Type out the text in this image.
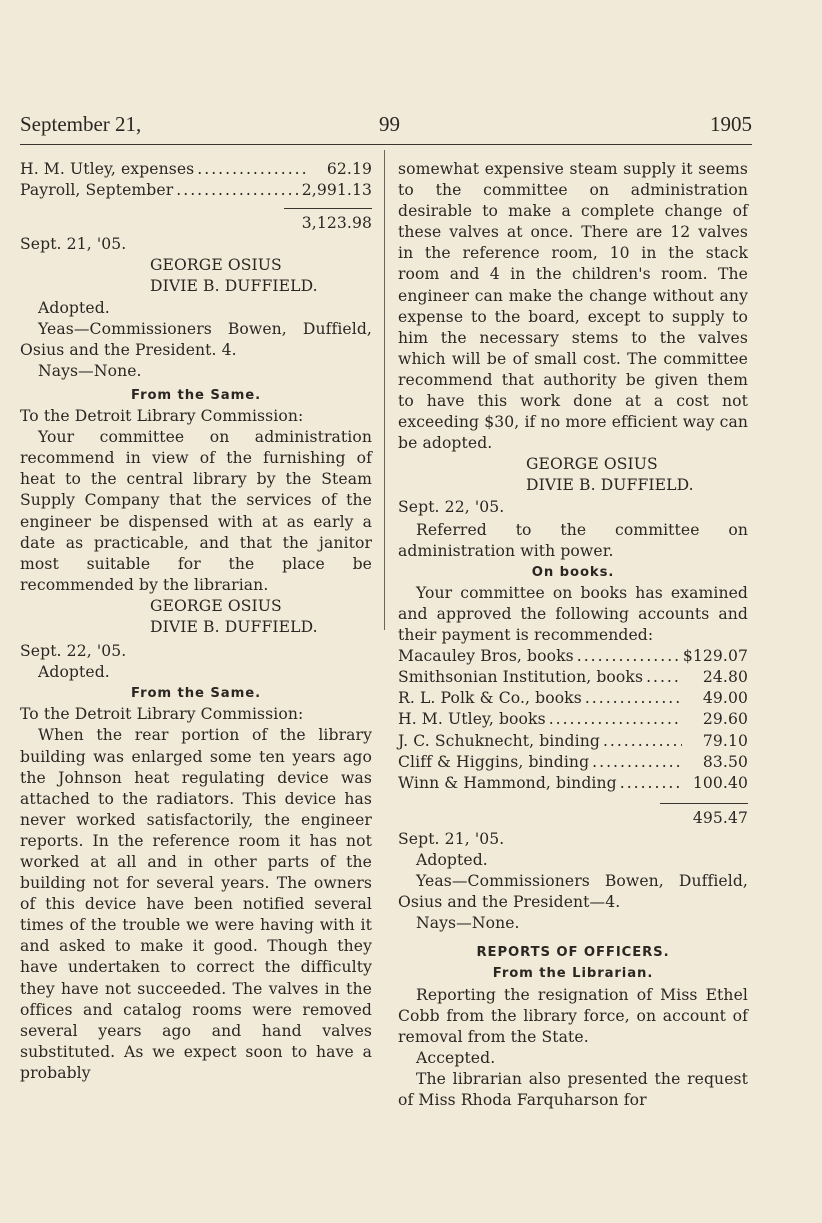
September 21,	99	1905
H. M. Utley, expenses .....	62.19
Payroll, September .....	2,991.13

3,123.98

Sept. 21, '05.

GEORGE OSIUS

DIVIE B. DUFFIELD.

Adopted.

Yeas—Commissioners Bowen, Duffield, Osius and the President. 4.

Nays—None.

From the Same.

To the Detroit Library Commission:

Your committee on administration recommend in view of the furnishing of heat to the central library by the Steam Supply Company that the services of the engineer be dispensed with at as early a date as practicable, and that the janitor most suitable for the place be recommended by the librarian.

GEORGE OSIUS

DIVIE B. DUFFIELD.

Sept. 22, '05.

Adopted.

From the Same.

To the Detroit Library Commission:

When the rear portion of the library building was enlarged some ten years ago the Johnson heat regulating device was attached to the radiators. This device has never worked satisfactorily, the engineer reports. In the reference room it has not worked at all and in other parts of the building not for several years. The owners of this device have been notified several times of the trouble we were having with it and asked to make it good. Though they have undertaken to correct the difficulty they have not succeeded. The valves in the offices and catalog rooms were removed several years ago and hand valves substituted. As we expect soon to have a probably

somewhat expensive steam supply it seems to the committee on administration desirable to make a complete change of these valves at once. There are 12 valves in the reference room, 10 in the stack room and 4 in the children's room. The engineer can make the change without any expense to the board, except to supply to him the necessary stems to the valves which will be of small cost. The committee recommend that authority be given them to have this work done at a cost not exceeding $30, if no more efficient way can be adopted.

GEORGE OSIUS

DIVIE B. DUFFIELD.

Sept. 22, '05.

Referred to the committee on administration with power.

On books.

Your committee on books has examined and approved the following accounts and their payment is recommended:

Macauley Bros, books .....	$129.07
Smithsonian Institution, books .....	24.80
R. L. Polk & Co., books .....	49.00
H. M. Utley, books .....	29.60
J. C. Schuknecht, binding .....	79.10
Cliff & Higgins, binding .....	83.50
Winn & Hammond, binding .....	100.40

495.47

Sept. 21, '05.

Adopted.

Yeas—Commissioners Bowen, Duffield, Osius and the President—4.

Nays—None.

REPORTS OF OFFICERS.

From the Librarian.

Reporting the resignation of Miss Ethel Cobb from the library force, on account of removal from the State.

Accepted.

The librarian also presented the request of Miss Rhoda Farquharson for
